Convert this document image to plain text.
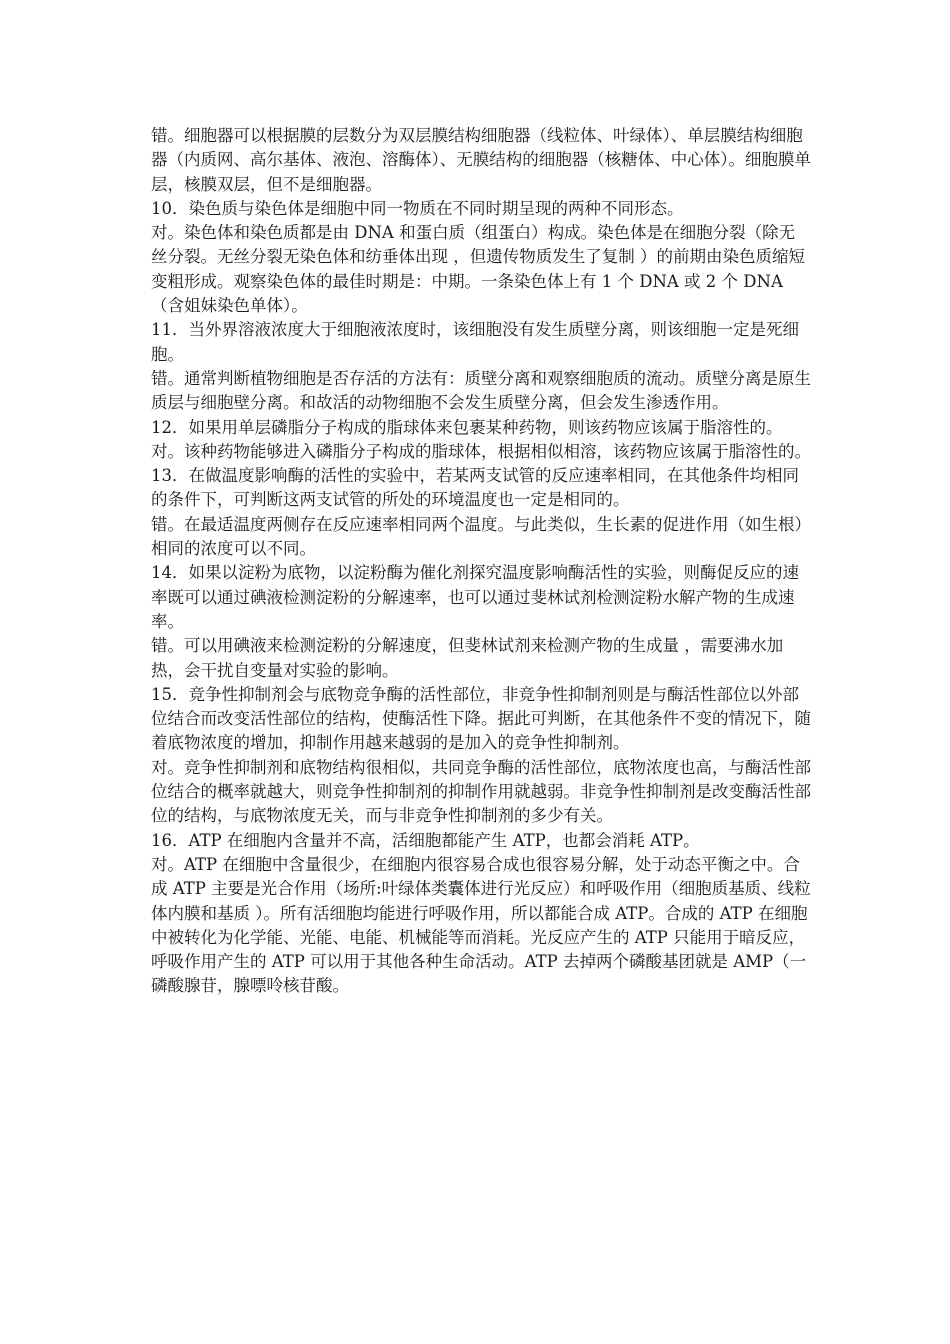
错。细胞器可以根据膜的层数分为双层膜结构细胞器（线粒体、叶绿体）、单层膜结构细胞器（内质网、高尔基体、液泡、溶酶体）、无膜结构的细胞器（核糖体、中心体）。细胞膜单层，核膜双层，但不是细胞器。

10．染色质与染色体是细胞中同一物质在不同时期呈现的两种不同形态。

对。染色体和染色质都是由 DNA 和蛋白质（组蛋白）构成。染色体是在细胞分裂（除无丝分裂。无丝分裂无染色体和纺垂体出现 ，但遗传物质发生了复制 ）的前期由染色质缩短变粗形成。观察染色体的最佳时期是：中期。一条染色体上有 1 个 DNA 或 2 个 DNA（含姐妹染色单体）。

11．当外界溶液浓度大于细胞液浓度时，该细胞没有发生质壁分离，则该细胞一定是死细胞。

错。通常判断植物细胞是否存活的方法有：质壁分离和观察细胞质的流动。质壁分离是原生质层与细胞壁分离。和故活的动物细胞不会发生质壁分离，但会发生渗透作用。

12．如果用单层磷脂分子构成的脂球体来包裹某种药物，则该药物应该属于脂溶性的。

对。该种药物能够进入磷脂分子构成的脂球体，根据相似相溶，该药物应该属于脂溶性的。

13．在做温度影响酶的活性的实验中，若某两支试管的反应速率相同，在其他条件均相同的条件下，可判断这两支试管的所处的环境温度也一定是相同的。

错。在最适温度两侧存在反应速率相同两个温度。与此类似，生长素的促进作用（如生根）相同的浓度可以不同。

14．如果以淀粉为底物，以淀粉酶为催化剂探究温度影响酶活性的实验，则酶促反应的速率既可以通过碘液检测淀粉的分解速率，也可以通过斐林试剂检测淀粉水解产物的生成速率。

错。可以用碘液来检测淀粉的分解速度，但斐林试剂来检测产物的生成量 ，需要沸水加热，会干扰自变量对实验的影响。

15．竞争性抑制剂会与底物竞争酶的活性部位，非竞争性抑制剂则是与酶活性部位以外部位结合而改变活性部位的结构，使酶活性下降。据此可判断，在其他条件不变的情况下，随着底物浓度的增加，抑制作用越来越弱的是加入的竞争性抑制剂。

对。竞争性抑制剂和底物结构很相似，共同竞争酶的活性部位，底物浓度也高，与酶活性部位结合的概率就越大，则竞争性抑制剂的抑制作用就越弱。非竞争性抑制剂是改变酶活性部位的结构，与底物浓度无关，而与非竞争性抑制剂的多少有关。

16．ATP 在细胞内含量并不高，活细胞都能产生 ATP，也都会消耗 ATP。

对。ATP 在细胞中含量很少，在细胞内很容易合成也很容易分解，处于动态平衡之中。合成 ATP 主要是光合作用（场所:叶绿体类囊体进行光反应）和呼吸作用（细胞质基质、线粒体内膜和基质 ）。所有活细胞均能进行呼吸作用，所以都能合成 ATP。合成的 ATP 在细胞中被转化为化学能、光能、电能、机械能等而消耗。光反应产生的 ATP 只能用于暗反应，呼吸作用产生的 ATP 可以用于其他各种生命活动。ATP 去掉两个磷酸基团就是 AMP（一磷酸腺苷，腺嘌呤核苷酸。
